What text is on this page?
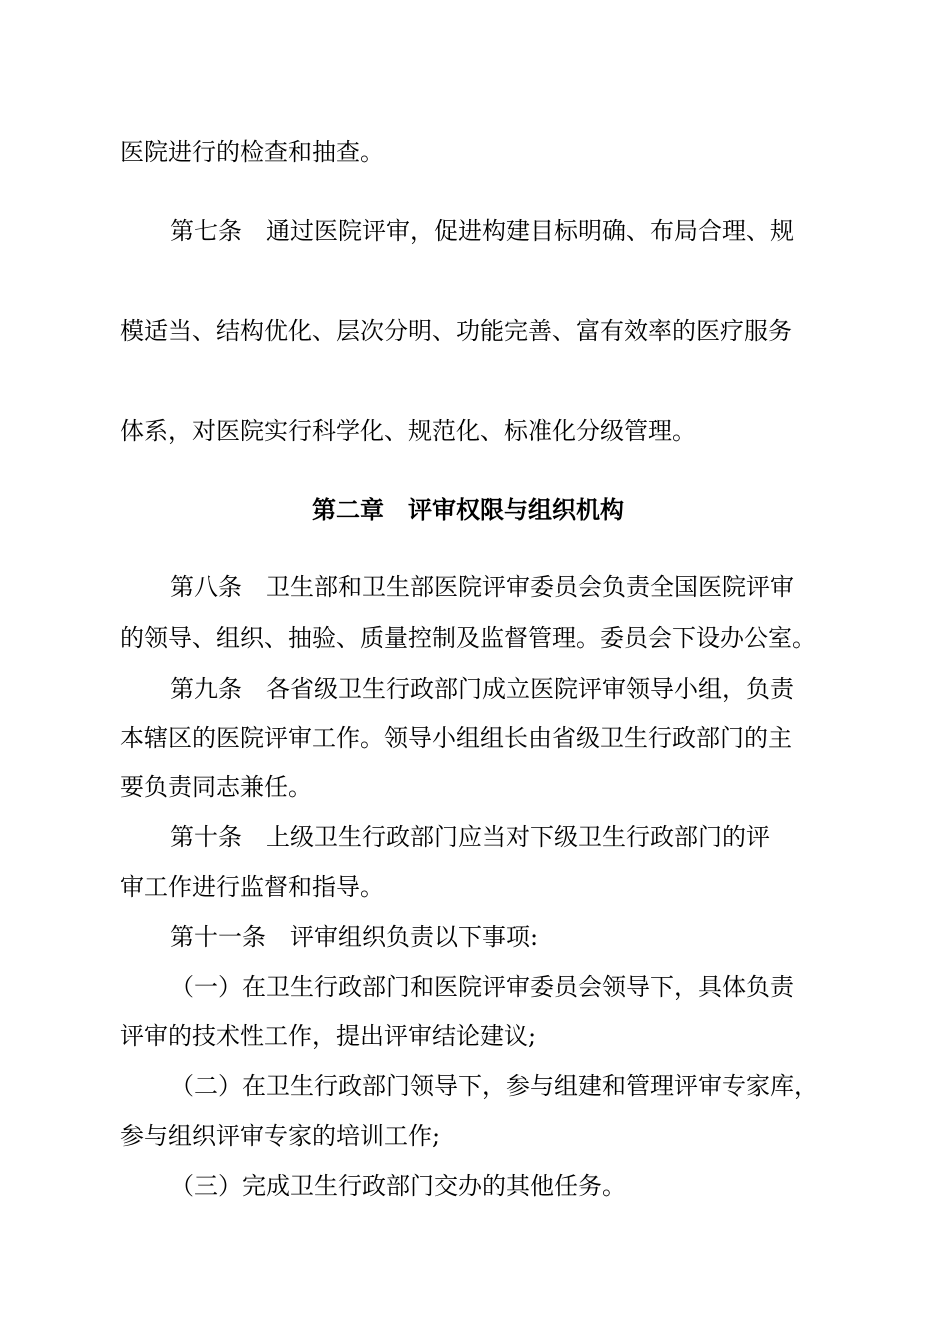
医院进行的检查和抽查。
第七条　通过医院评审，促进构建目标明确、布局合理、规
模适当、结构优化、层次分明、功能完善、富有效率的医疗服务
体系，对医院实行科学化、规范化、标准化分级管理。
第二章　评审权限与组织机构
第八条　卫生部和卫生部医院评审委员会负责全国医院评审
的领导、组织、抽验、质量控制及监督管理。委员会下设办公室。
第九条　各省级卫生行政部门成立医院评审领导小组，负责
本辖区的医院评审工作。领导小组组长由省级卫生行政部门的主
要负责同志兼任。
第十条　上级卫生行政部门应当对下级卫生行政部门的评
审工作进行监督和指导。
第十一条　评审组织负责以下事项:
（一）在卫生行政部门和医院评审委员会领导下，具体负责
评审的技术性工作，提出评审结论建议;
（二）在卫生行政部门领导下，参与组建和管理评审专家库，
参与组织评审专家的培训工作;
（三）完成卫生行政部门交办的其他任务。
